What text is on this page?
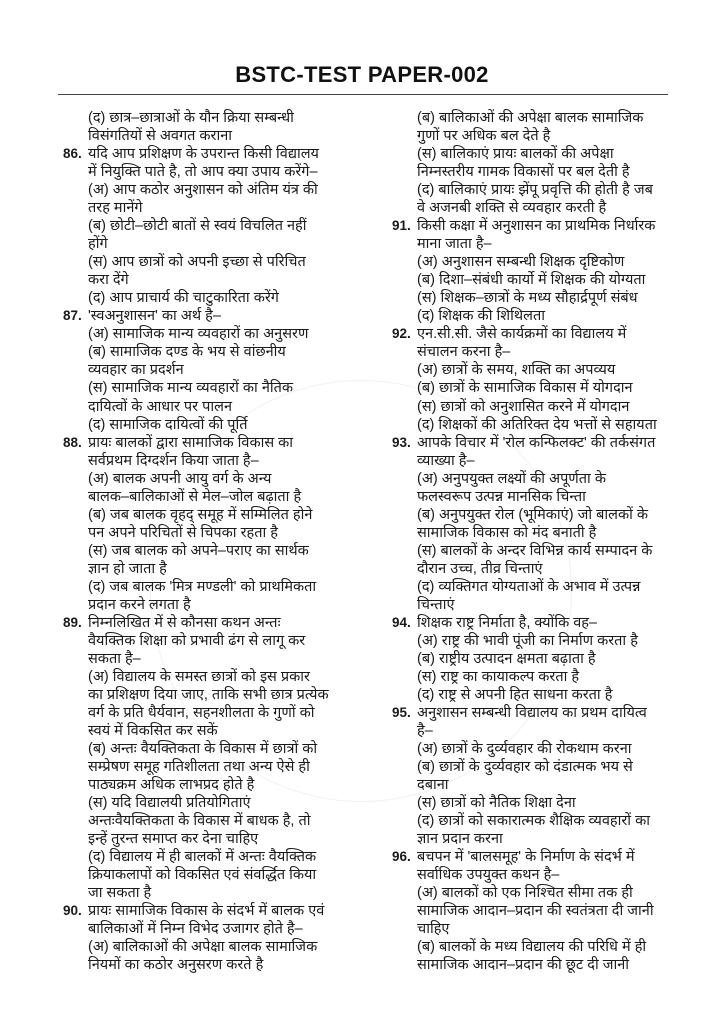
BSTC-TEST PAPER-002
(द) छात्र–छात्राओं के यौन क्रिया सम्बन्धी
विसंगतियों से अवगत कराना
86. यदि आप प्रशिक्षण के उपरान्त किसी विद्यालय
में नियुक्ति पाते है, तो आप क्या उपाय करेंगे–
(अ) आप कठोर अनुशासन को अंतिम यंत्र की
तरह मानेंगे
(ब) छोटी–छोटी बातों से स्वयं विचलित नहीं
होंगे
(स) आप छात्रों को अपनी इच्छा से परिचित
करा देंगे
(द) आप प्राचार्य की चाटुकारिता करेंगे
87. 'स्वअनुशासन' का अर्थ है–
(अ) सामाजिक मान्य व्यवहारों का अनुसरण
(ब) सामाजिक दण्ड के भय से वांछनीय
व्यवहार का प्रदर्शन
(स) सामाजिक मान्य व्यवहारों का नैतिक
दायित्वों के आधार पर पालन
(द) सामाजिक दायित्वों की पूर्ति
88. प्रायः बालकों द्वारा सामाजिक विकास का
सर्वप्रथम दिग्दर्शन किया जाता है–
(अ) बालक अपनी आयु वर्ग के अन्य
बालक–बालिकाओं से मेल–जोल बढ़ाता है
(ब) जब बालक वृहद् समूह में सम्मिलित होने
पन अपने परिचितों से चिपका रहता है
(स) जब बालक को अपने–पराए का सार्थक
ज्ञान हो जाता है
(द) जब बालक 'मित्र मण्डली' को प्राथमिकता
प्रदान करने लगता है
89. निम्नलिखित में से कौनसा कथन अन्तः
वैयक्तिक शिक्षा को प्रभावी ढंग से लागू कर
सकता है–
(अ) विद्यालय के समस्त छात्रों को इस प्रकार
का प्रशिक्षण दिया जाए, ताकि सभी छात्र प्रत्येक
वर्ग के प्रति धैर्यवान, सहनशीलता के गुणों को
स्वयं में विकसित कर सकें
(ब) अन्तः वैयक्तिकता के विकास में छात्रों को
सम्प्रेषण समूह गतिशीलता तथा अन्य ऐसे ही
पाठ्यक्रम अधिक लाभप्रद होते है
(स) यदि विद्यालयी प्रतियोगिताएं
अन्तःवैयक्तिकता के विकास में बाधक है, तो
इन्हें तुरन्त समाप्त कर देना चाहिए
(द) विद्यालय में ही बालकों में अन्तः वैयक्तिक
क्रियाकलापों को विकसित एवं संवर्द्धित किया
जा सकता है
90. प्रायः सामाजिक विकास के संदर्भ में बालक एवं
बालिकाओं में निम्न विभेद उजागर होते है–
(अ) बालिकाओं की अपेक्षा बालक सामाजिक
नियमों का कठोर अनुसरण करते है
(ब) बालिकाओं की अपेक्षा बालक सामाजिक
गुणों पर अधिक बल देते है
(स) बालिकाएं प्रायः बालकों की अपेक्षा
निम्नस्तरीय गामक विकासों पर बल देती है
(द) बालिकाएं प्रायः झेंपू प्रवृत्ति की होती है जब
वे अजनबी शक्ति से व्यवहार करती है
91. किसी कक्षा में अनुशासन का प्राथमिक निर्धारक
माना जाता है–
(अ) अनुशासन सम्बन्धी शिक्षक दृष्टिकोण
(ब) दिशा–संबंधी कार्यो में शिक्षक की योग्यता
(स) शिक्षक–छात्रों के मध्य सौहार्द्रपूर्ण संबंध
(द) शिक्षक की शिथिलता
92. एन.सी.सी. जैसे कार्यक्रमों का विद्यालय में
संचालन करना है–
(अ) छात्रों के समय, शक्ति का अपव्यय
(ब) छात्रों के सामाजिक विकास में योगदान
(स) छात्रों को अनुशासित करने में योगदान
(द) शिक्षकों की अतिरिक्त देय भत्तों से सहायता
93. आपके विचार में 'रोल कन्फिलक्ट' की तर्कसंगत
व्याख्या है–
(अ) अनुपयुक्त लक्ष्यों की अपूर्णता के
फलस्वरूप उत्पन्न मानसिक चिन्ता
(ब) अनुपयुक्त रोल (भूमिकाएं) जो बालकों के
सामाजिक विकास को मंद बनाती है
(स) बालकों के अन्दर विभिन्न कार्य सम्पादन के
दौरान उच्च, तीव्र चिन्ताएं
(द) व्यक्तिगत योग्यताओं के अभाव में उत्पन्न
चिन्ताएं
94. शिक्षक राष्ट्र निर्माता है, क्योंकि वह–
(अ) राष्ट्र की भावी पूंजी का निर्माण करता है
(ब) राष्ट्रीय उत्पादन क्षमता बढ़ाता है
(स) राष्ट्र का कायाकल्प करता है
(द) राष्ट्र से अपनी हित साधना करता है
95. अनुशासन सम्बन्धी विद्यालय का प्रथम दायित्व
है–
(अ) छात्रों के दुर्व्यवहार की रोकथाम करना
(ब) छात्रों के दुर्व्यवहार को दंडात्मक भय से
दबाना
(स) छात्रों को नैतिक शिक्षा देना
(द) छात्रों को सकारात्मक शैक्षिक व्यवहारों का
ज्ञान प्रदान करना
96. बचपन में 'बालसमूह' के निर्माण के संदर्भ में
सर्वाधिक उपयुक्त कथन है–
(अ) बालकों को एक निश्चित सीमा तक ही
सामाजिक आदान–प्रदान की स्वतंत्रता दी जानी
चाहिए
(ब) बालकों के मध्य विद्यालय की परिधि में ही
सामाजिक आदान–प्रदान की छूट दी जानी
